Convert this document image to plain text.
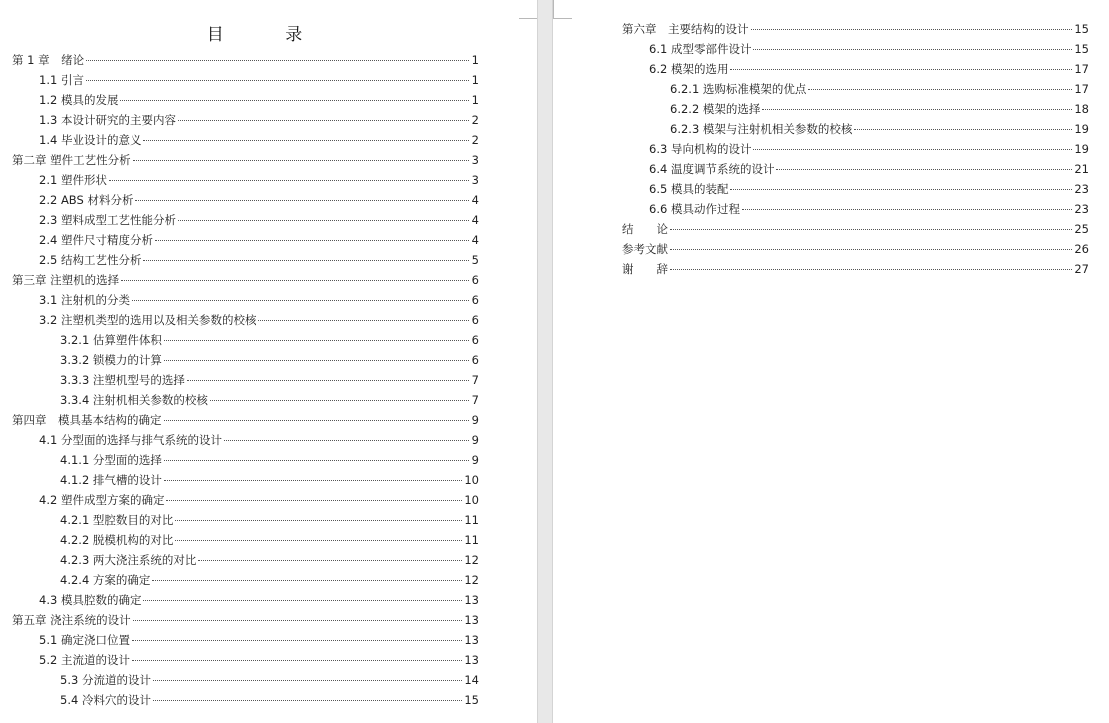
目 录
第 1 章　绪论	1
1.1 引言	1
1.2 模具的发展	1
1.3 本设计研究的主要内容	2
1.4 毕业设计的意义	2
第二章 塑件工艺性分析	3
2.1 塑件形状	3
2.2 ABS 材料分析	4
2.3 塑料成型工艺性能分析	4
2.4 塑件尺寸精度分析	4
2.5 结构工艺性分析	5
第三章 注塑机的选择	6
3.1 注射机的分类	6
3.2 注塑机类型的选用以及相关参数的校核	6
3.2.1 估算塑件体积	6
3.3.2 锁模力的计算	6
3.3.3 注塑机型号的选择	7
3.3.4 注射机相关参数的校核	7
第四章　模具基本结构的确定	9
4.1 分型面的选择与排气系统的设计	9
4.1.1 分型面的选择	9
4.1.2 排气槽的设计	10
4.2 塑件成型方案的确定	10
4.2.1 型腔数目的对比	11
4.2.2 脱模机构的对比	11
4.2.3 两大浇注系统的对比	12
4.2.4 方案的确定	12
4.3 模具腔数的确定	13
第五章 浇注系统的设计	13
5.1 确定浇口位置	13
5.2 主流道的设计	13
5.3 分流道的设计	14
5.4 冷料穴的设计	15
第六章　主要结构的设计	15
6.1 成型零部件设计	15
6.2 模架的选用	17
6.2.1 选购标准模架的优点	17
6.2.2 模架的选择	18
6.2.3 模架与注射机相关参数的校核	19
6.3 导向机构的设计	19
6.4 温度调节系统的设计	21
6.5 模具的装配	23
6.6 模具动作过程	23
结　　论	25
参考文献	26
谢　　辞	27
